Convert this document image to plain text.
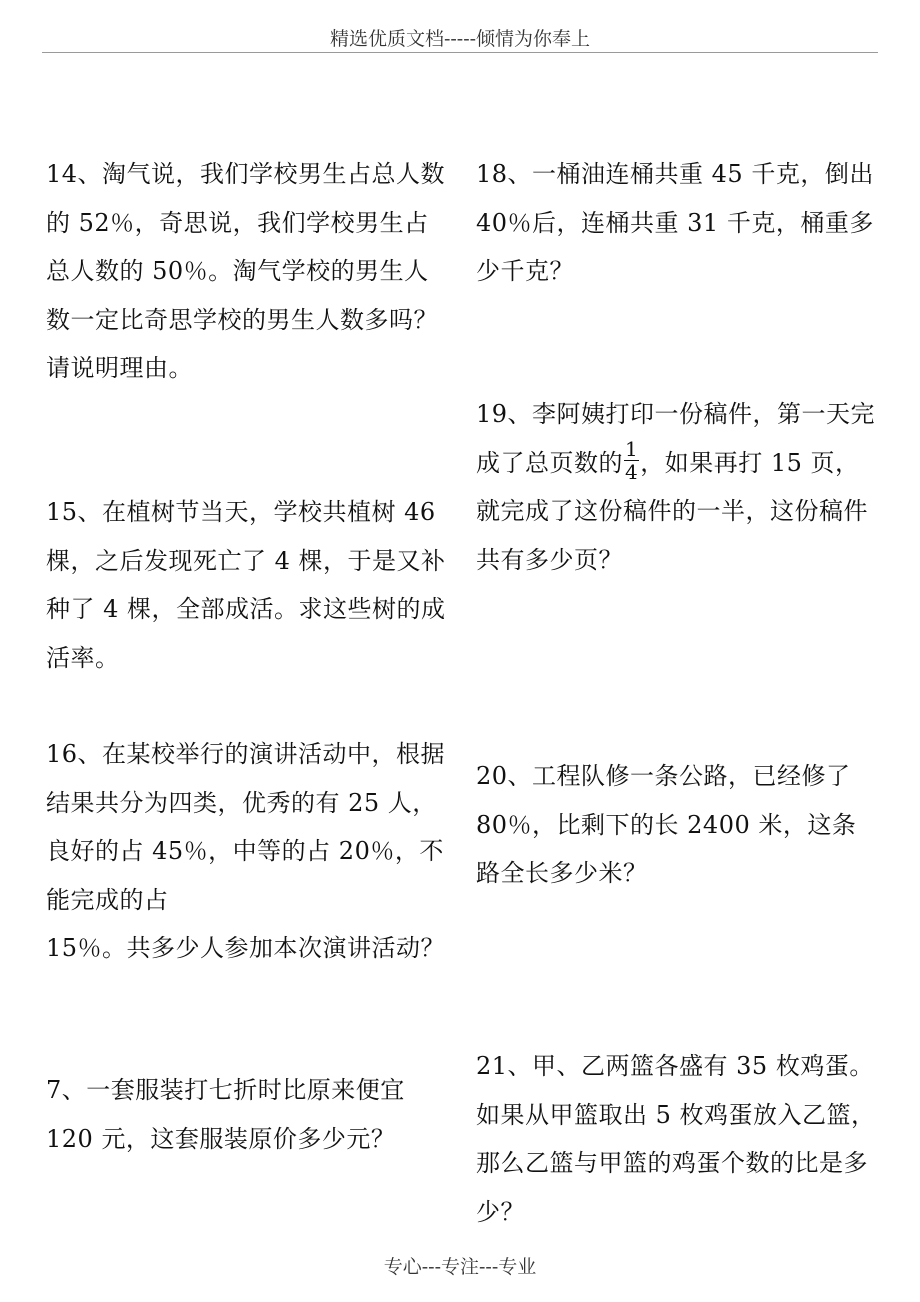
精选优质文档-----倾情为你奉上

14、淘气说，我们学校男生占总人数的 52％，奇思说，我们学校男生占总人数的 50％。淘气学校的男生人数一定比奇思学校的男生人数多吗？请说明理由。

15、在植树节当天，学校共植树 46 棵，之后发现死亡了 4 棵，于是又补种了 4 棵，全部成活。求这些树的成活率。

16、在某校举行的演讲活动中，根据结果共分为四类，优秀的有 25 人，良好的占 45％，中等的占 20％，不能完成的占

15％。共多少人参加本次演讲活动？

7、一套服装打七折时比原来便宜 120 元，这套服装原价多少元？

18、一桶油连桶共重 45 千克，倒出 40％后，连桶共重 31 千克，桶重多少千克？

19、李阿姨打印一份稿件，第一天完成了总页数的 $\frac{1}{4}$ ，如果再打 15 页，就完成了这份稿件的一半，这份稿件共有多少页？

20、工程队修一条公路，已经修了 80％，比剩下的长 2400 米，这条路全长多少米？

21、甲、乙两篮各盛有 35 枚鸡蛋。如果从甲篮取出 5 枚鸡蛋放入乙篮，那么乙篮与甲篮的鸡蛋个数的比是多少？

专心---专注---专业
